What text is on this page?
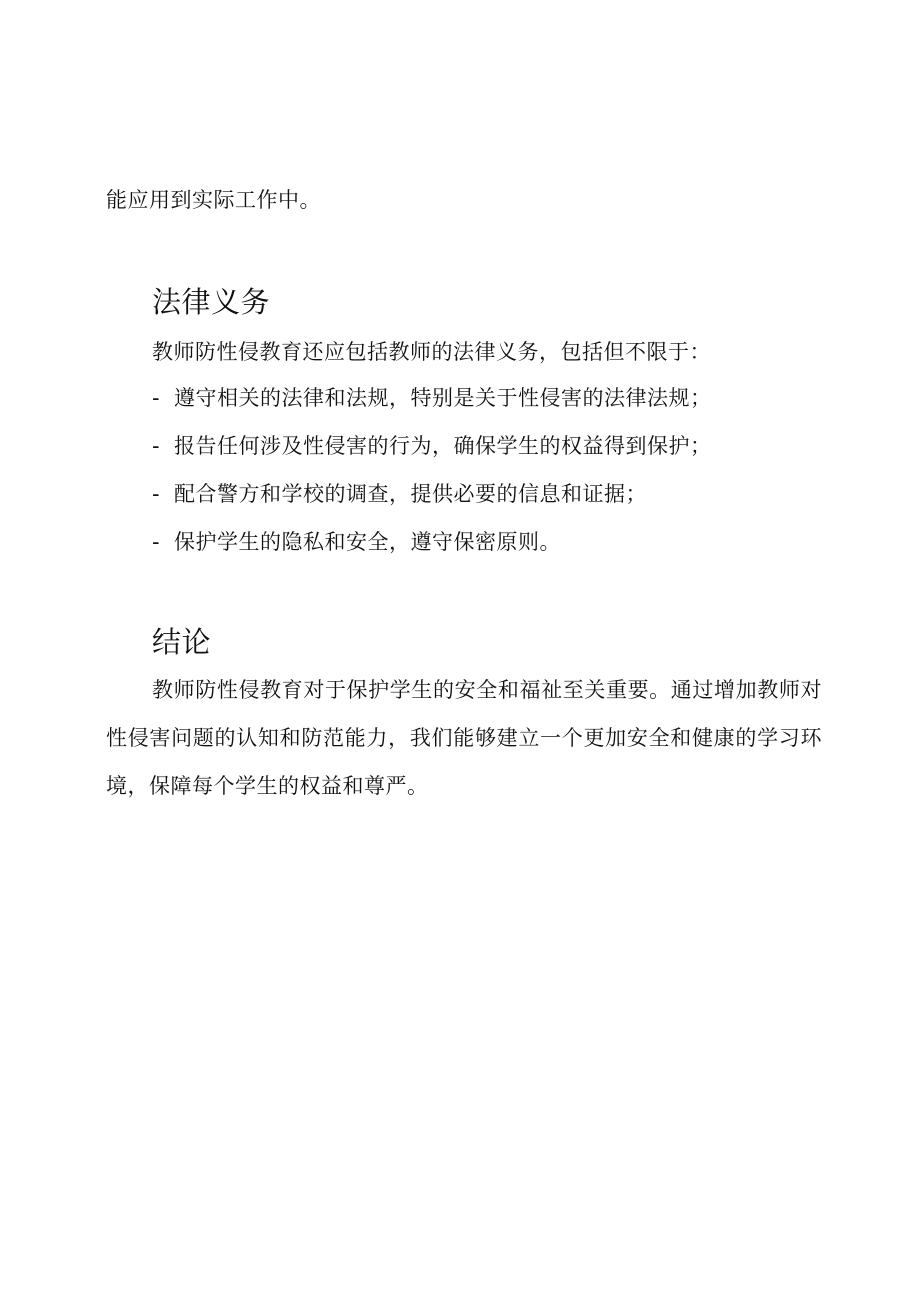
能应用到实际工作中。
法律义务
教师防性侵教育还应包括教师的法律义务，包括但不限于：
- 遵守相关的法律和法规，特别是关于性侵害的法律法规；
- 报告任何涉及性侵害的行为，确保学生的权益得到保护；
- 配合警方和学校的调查，提供必要的信息和证据；
- 保护学生的隐私和安全，遵守保密原则。
结论
教师防性侵教育对于保护学生的安全和福祉至关重要。通过增加教师对
性侵害问题的认知和防范能力，我们能够建立一个更加安全和健康的学习环
境，保障每个学生的权益和尊严。
